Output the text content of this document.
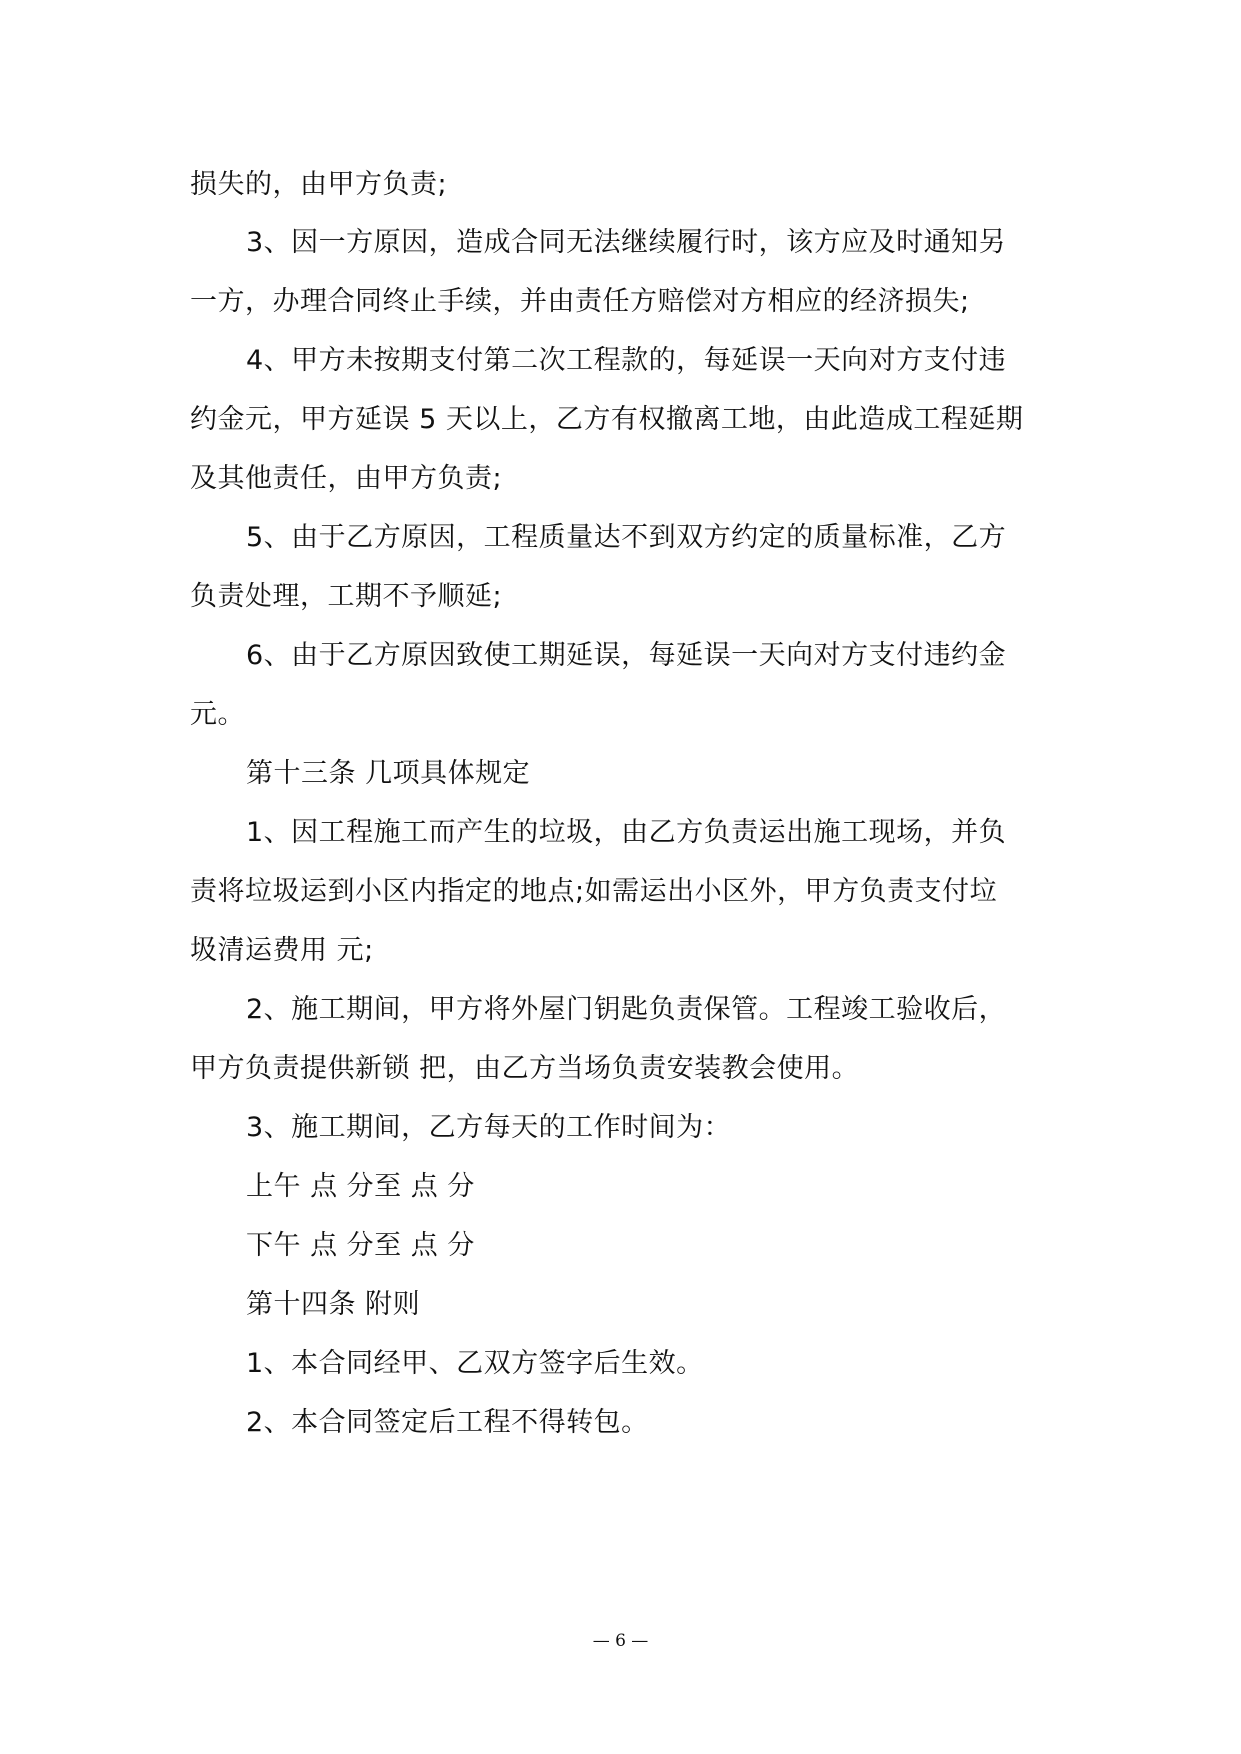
损失的，由甲方负责;

3、因一方原因，造成合同无法继续履行时，该方应及时通知另

一方，办理合同终止手续，并由责任方赔偿对方相应的经济损失;

4、甲方未按期支付第二次工程款的，每延误一天向对方支付违

约金元，甲方延误 5 天以上，乙方有权撤离工地，由此造成工程延期

及其他责任，由甲方负责;

5、由于乙方原因，工程质量达不到双方约定的质量标准，乙方

负责处理，工期不予顺延;

6、由于乙方原因致使工期延误，每延误一天向对方支付违约金

元。

第十三条 几项具体规定

1、因工程施工而产生的垃圾，由乙方负责运出施工现场，并负

责将垃圾运到小区内指定的地点;如需运出小区外，甲方负责支付垃

圾清运费用 元;

2、施工期间，甲方将外屋门钥匙负责保管。工程竣工验收后，

甲方负责提供新锁 把，由乙方当场负责安装教会使用。

3、施工期间，乙方每天的工作时间为：

上午 点 分至 点 分

下午 点 分至 点 分

第十四条 附则

1、本合同经甲、乙双方签字后生效。

2、本合同签定后工程不得转包。

— 6 —
